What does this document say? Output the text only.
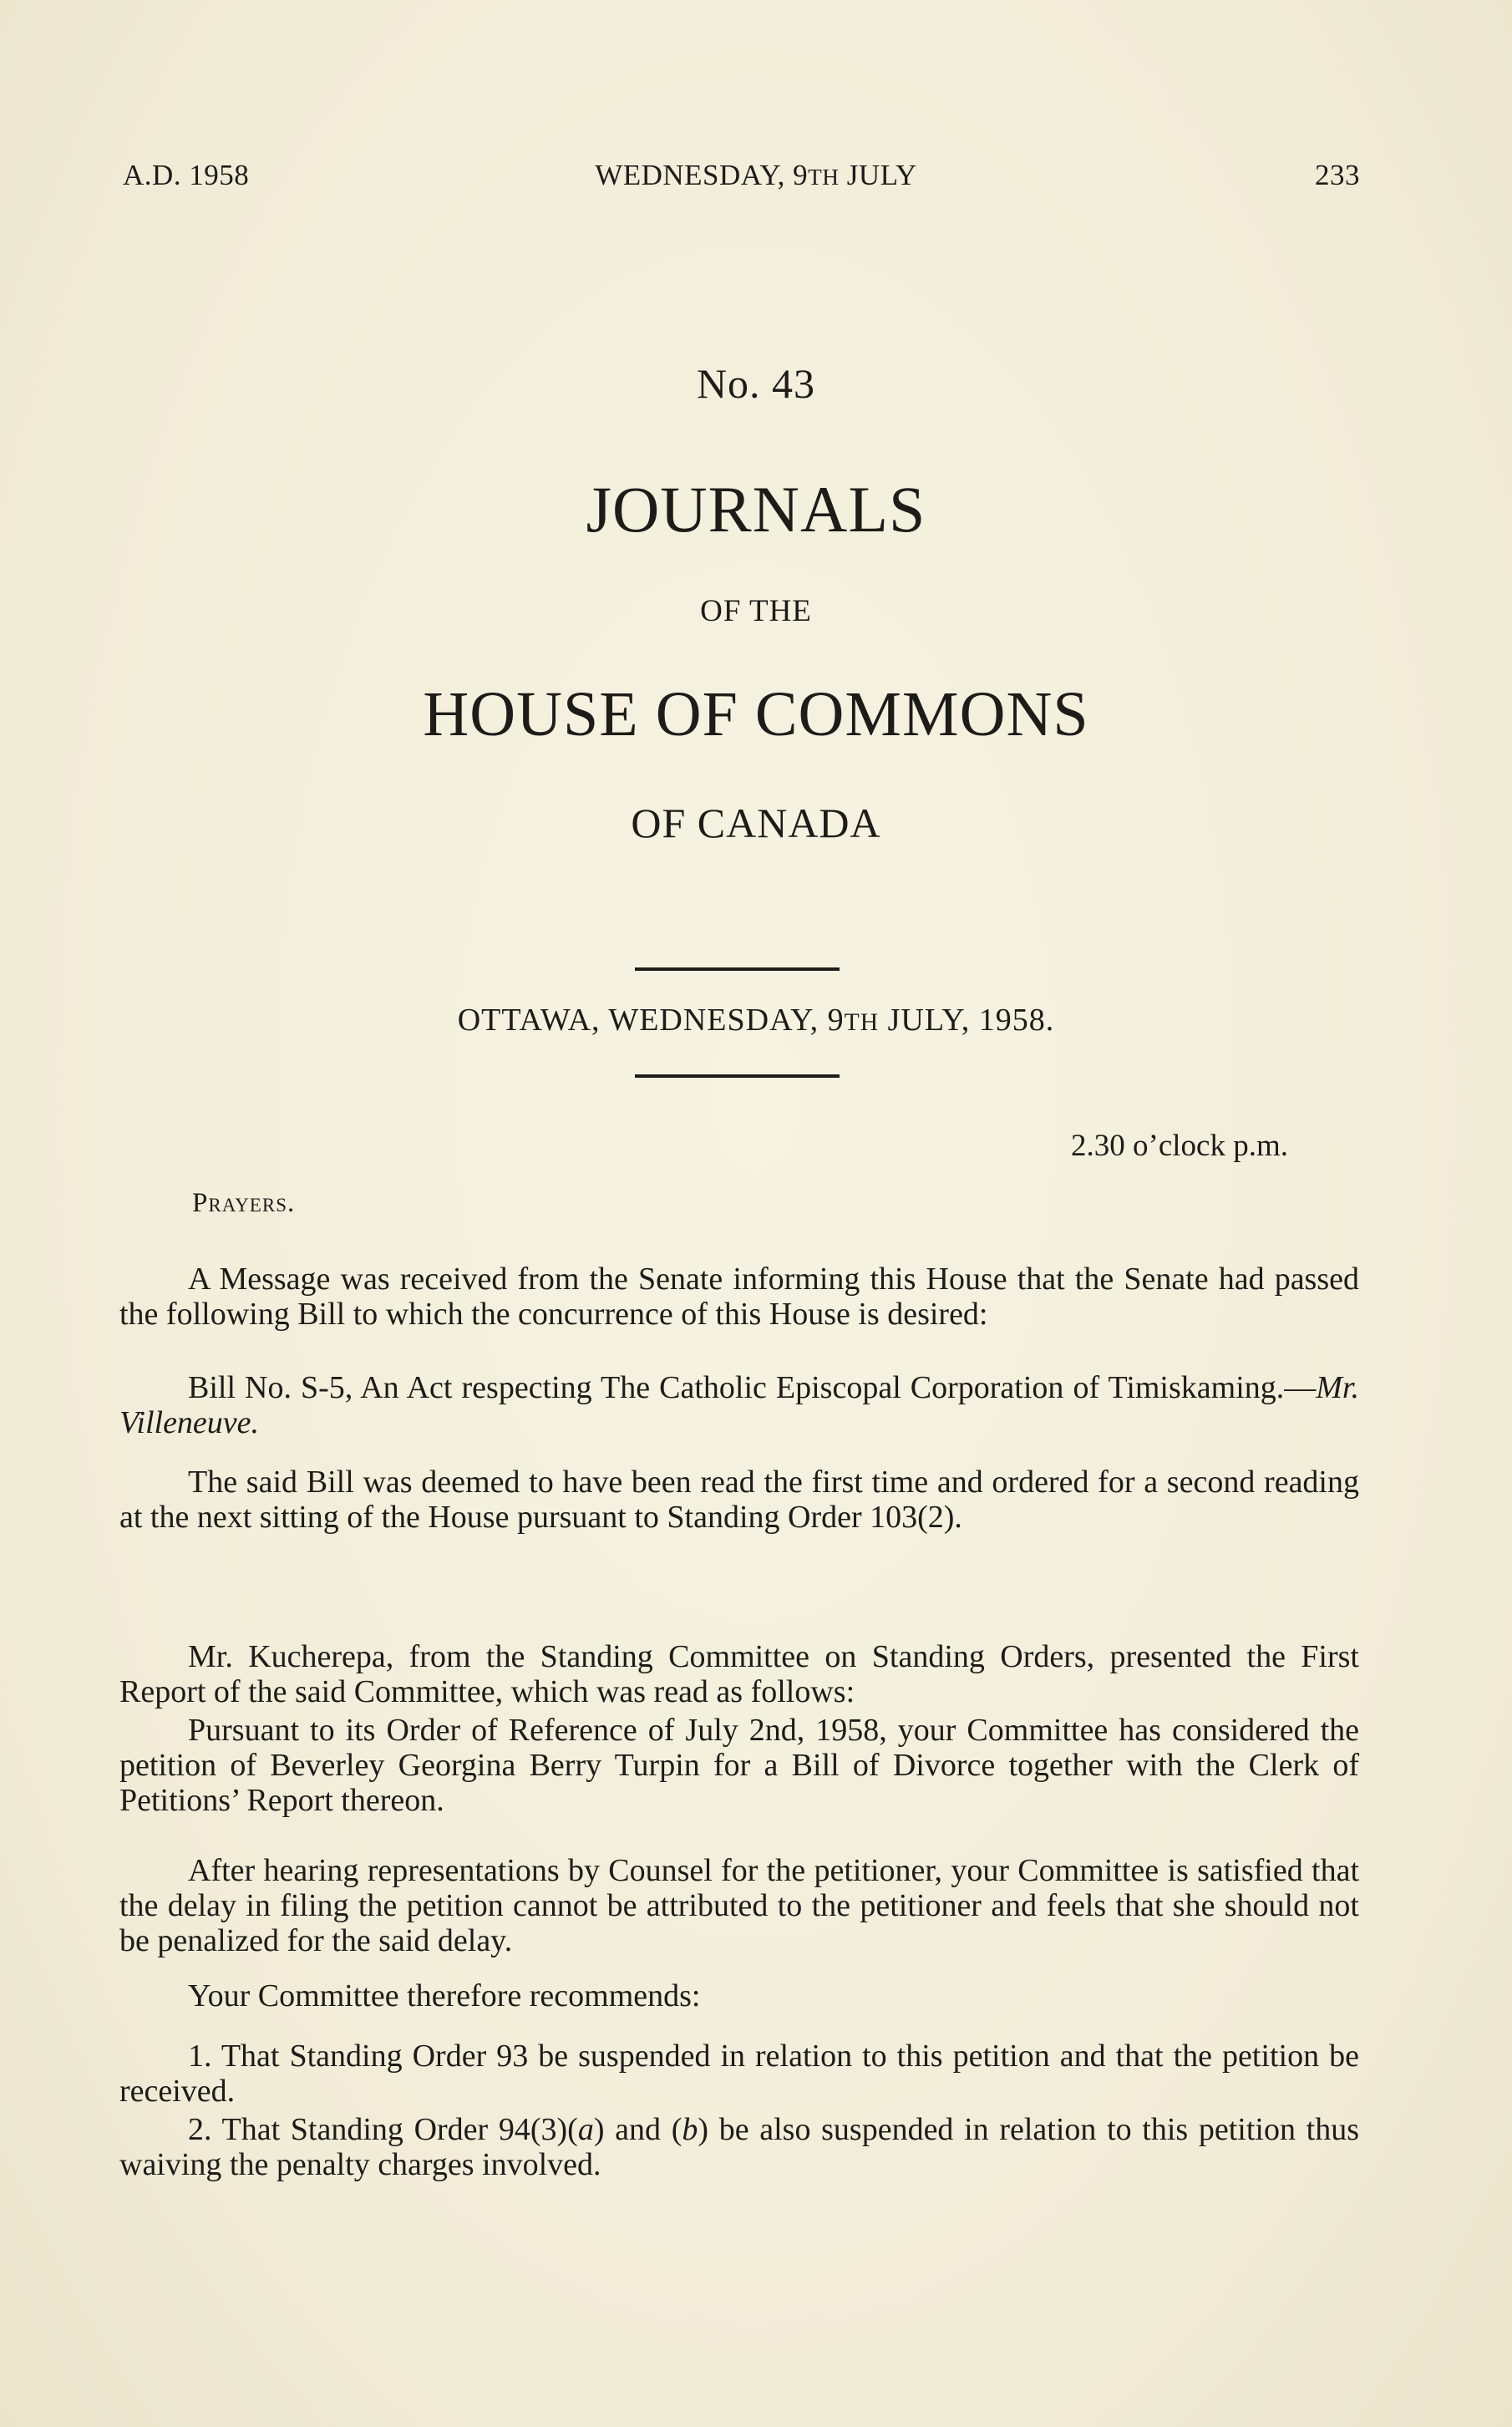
A.D. 1958	WEDNESDAY, 9TH JULY	233
No. 43
JOURNALS
OF THE
HOUSE OF COMMONS
OF CANADA
OTTAWA, WEDNESDAY, 9TH JULY, 1958.
2.30 o’clock p.m.
Prayers.
A Message was received from the Senate informing this House that the Senate had passed the following Bill to which the concurrence of this House is desired:
Bill No. S-5, An Act respecting The Catholic Episcopal Corporation of Timiskaming.—Mr. Villeneuve.
The said Bill was deemed to have been read the first time and ordered for a second reading at the next sitting of the House pursuant to Standing Order 103(2).
Mr. Kucherepa, from the Standing Committee on Standing Orders, presented the First Report of the said Committee, which was read as follows:
Pursuant to its Order of Reference of July 2nd, 1958, your Committee has considered the petition of Beverley Georgina Berry Turpin for a Bill of Divorce together with the Clerk of Petitions’ Report thereon.
After hearing representations by Counsel for the petitioner, your Committee is satisfied that the delay in filing the petition cannot be attributed to the petitioner and feels that she should not be penalized for the said delay.
Your Committee therefore recommends:
1. That Standing Order 93 be suspended in relation to this petition and that the petition be received.
2. That Standing Order 94(3)(a) and (b) be also suspended in relation to this petition thus waiving the penalty charges involved.
